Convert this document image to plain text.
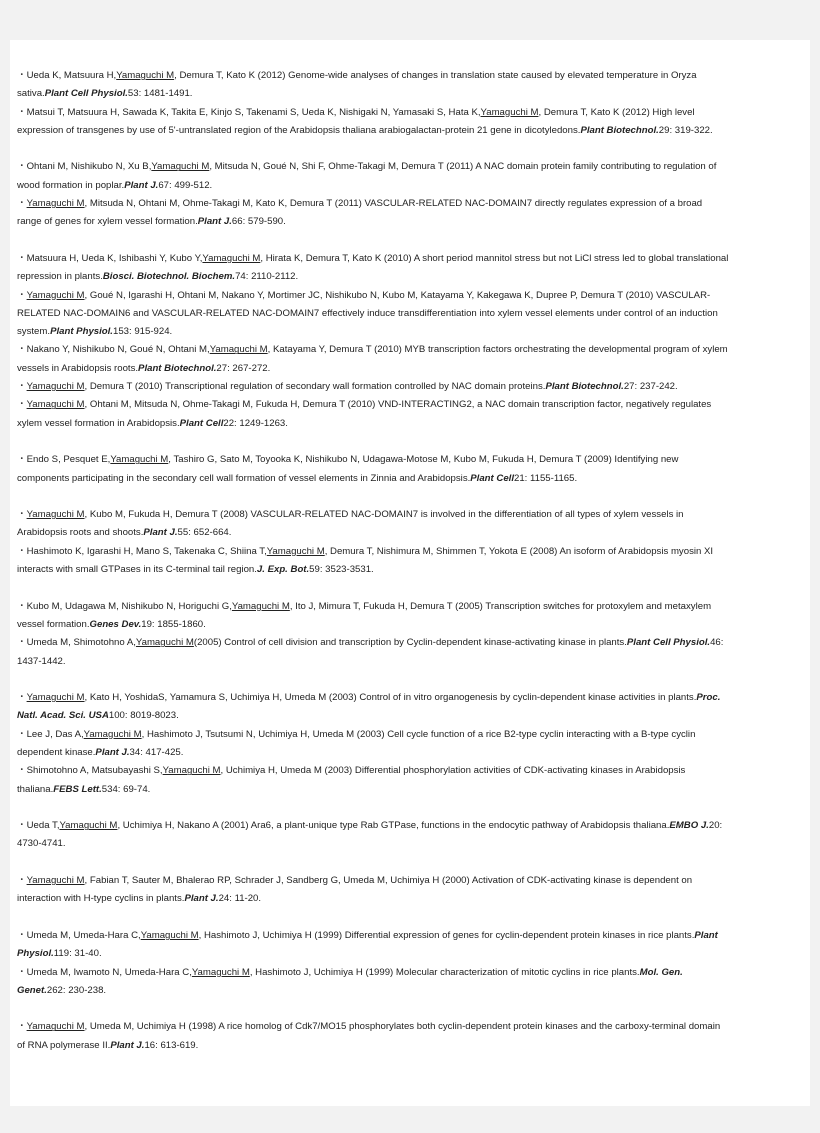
・Ueda K, Matsuura H,Yamaguchi M, Demura T, Kato K (2012) Genome-wide analyses of changes in translation state caused by elevated temperature in Oryza sativa.Plant Cell Physiol.53: 1481-1491.

・Matsui T, Matsuura H, Sawada K, Takita E, Kinjo S, Takenami S, Ueda K, Nishigaki N, Yamasaki S, Hata K,Yamaguchi M, Demura T, Kato K (2012) High level expression of transgenes by use of 5'-untranslated region of the Arabidopsis thaliana arabiogalactan-protein 21 gene in dicotyledons.Plant Biotechnol.29: 319-322.

・Ohtani M, Nishikubo N, Xu B,Yamaguchi M, Mitsuda N, Goué N, Shi F, Ohme-Takagi M, Demura T (2011) A NAC domain protein family contributing to regulation of wood formation in poplar.Plant J.67: 499-512.

・Yamaguchi M, Mitsuda N, Ohtani M, Ohme-Takagi M, Kato K, Demura T (2011) VASCULAR-RELATED NAC-DOMAIN7 directly regulates expression of a broad range of genes for xylem vessel formation.Plant J.66: 579-590.

・Matsuura H, Ueda K, Ishibashi Y, Kubo Y,Yamaguchi M, Hirata K, Demura T, Kato K (2010) A short period mannitol stress but not LiCl stress led to global translational repression in plants.Biosci. Biotechnol. Biochem.74: 2110-2112.

・Yamaguchi M, Goué N, Igarashi H, Ohtani M, Nakano Y, Mortimer JC, Nishikubo N, Kubo M, Katayama Y, Kakegawa K, Dupree P, Demura T (2010) VASCULAR-RELATED NAC-DOMAIN6 and VASCULAR-RELATED NAC-DOMAIN7 effectively induce transdifferentiation into xylem vessel elements under control of an induction system.Plant Physiol.153: 915-924.

・Nakano Y, Nishikubo N, Goué N, Ohtani M,Yamaguchi M, Katayama Y, Demura T (2010) MYB transcription factors orchestrating the developmental program of xylem vessels in Arabidopsis roots.Plant Biotechnol.27: 267-272.

・Yamaguchi M, Demura T (2010) Transcriptional regulation of secondary wall formation controlled by NAC domain proteins.Plant Biotechnol.27: 237-242.

・Yamaguchi M, Ohtani M, Mitsuda N, Ohme-Takagi M, Fukuda H, Demura T (2010) VND-INTERACTING2, a NAC domain transcription factor, negatively regulates xylem vessel formation in Arabidopsis.Plant Cell22: 1249-1263.

・Endo S, Pesquet E,Yamaguchi M, Tashiro G, Sato M, Toyooka K, Nishikubo N, Udagawa-Motose M, Kubo M, Fukuda H, Demura T (2009) Identifying new components participating in the secondary cell wall formation of vessel elements in Zinnia and Arabidopsis.Plant Cell21: 1155-1165.

・Yamaguchi M, Kubo M, Fukuda H, Demura T (2008) VASCULAR-RELATED NAC-DOMAIN7 is involved in the differentiation of all types of xylem vessels in Arabidopsis roots and shoots.Plant J.55: 652-664.

・Hashimoto K, Igarashi H, Mano S, Takenaka C, Shiina T,Yamaguchi M, Demura T, Nishimura M, Shimmen T, Yokota E (2008) An isoform of Arabidopsis myosin XI interacts with small GTPases in its C-terminal tail region.J. Exp. Bot.59: 3523-3531.

・Kubo M, Udagawa M, Nishikubo N, Horiguchi G,Yamaguchi M, Ito J, Mimura T, Fukuda H, Demura T (2005) Transcription switches for protoxylem and metaxylem vessel formation.Genes Dev.19: 1855-1860.

・Umeda M, Shimotohno A,Yamaguchi M(2005) Control of cell division and transcription by Cyclin-dependent kinase-activating kinase in plants.Plant Cell Physiol.46: 1437-1442.

・Yamaguchi M, Kato H, YoshidaS, Yamamura S, Uchimiya H, Umeda M (2003) Control of in vitro organogenesis by cyclin-dependent kinase activities in plants.Proc. Natl. Acad. Sci. USA100: 8019-8023.

・Lee J, Das A,Yamaguchi M, Hashimoto J, Tsutsumi N, Uchimiya H, Umeda M (2003) Cell cycle function of a rice B2-type cyclin interacting with a B-type cyclin dependent kinase.Plant J.34: 417-425.

・Shimotohno A, Matsubayashi S,Yamaguchi M, Uchimiya H, Umeda M (2003) Differential phosphorylation activities of CDK-activating kinases in Arabidopsis thaliana.FEBS Lett.534: 69-74.

・Ueda T,Yamaguchi M, Uchimiya H, Nakano A (2001) Ara6, a plant-unique type Rab GTPase, functions in the endocytic pathway of Arabidopsis thaliana.EMBO J.20: 4730-4741.

・Yamaguchi M, Fabian T, Sauter M, Bhalerao RP, Schrader J, Sandberg G, Umeda M, Uchimiya H (2000) Activation of CDK-activating kinase is dependent on interaction with H-type cyclins in plants.Plant J.24: 11-20.

・Umeda M, Umeda-Hara C,Yamaguchi M, Hashimoto J, Uchimiya H (1999) Differential expression of genes for cyclin-dependent protein kinases in rice plants.Plant Physiol.119: 31-40.

・Umeda M, Iwamoto N, Umeda-Hara C,Yamaguchi M, Hashimoto J, Uchimiya H (1999) Molecular characterization of mitotic cyclins in rice plants.Mol. Gen. Genet.262: 230-238.

・Yamaguchi M, Umeda M, Uchimiya H (1998) A rice homolog of Cdk7/MO15 phosphorylates both cyclin-dependent protein kinases and the carboxy-terminal domain of RNA polymerase II.Plant J.16: 613-619.
